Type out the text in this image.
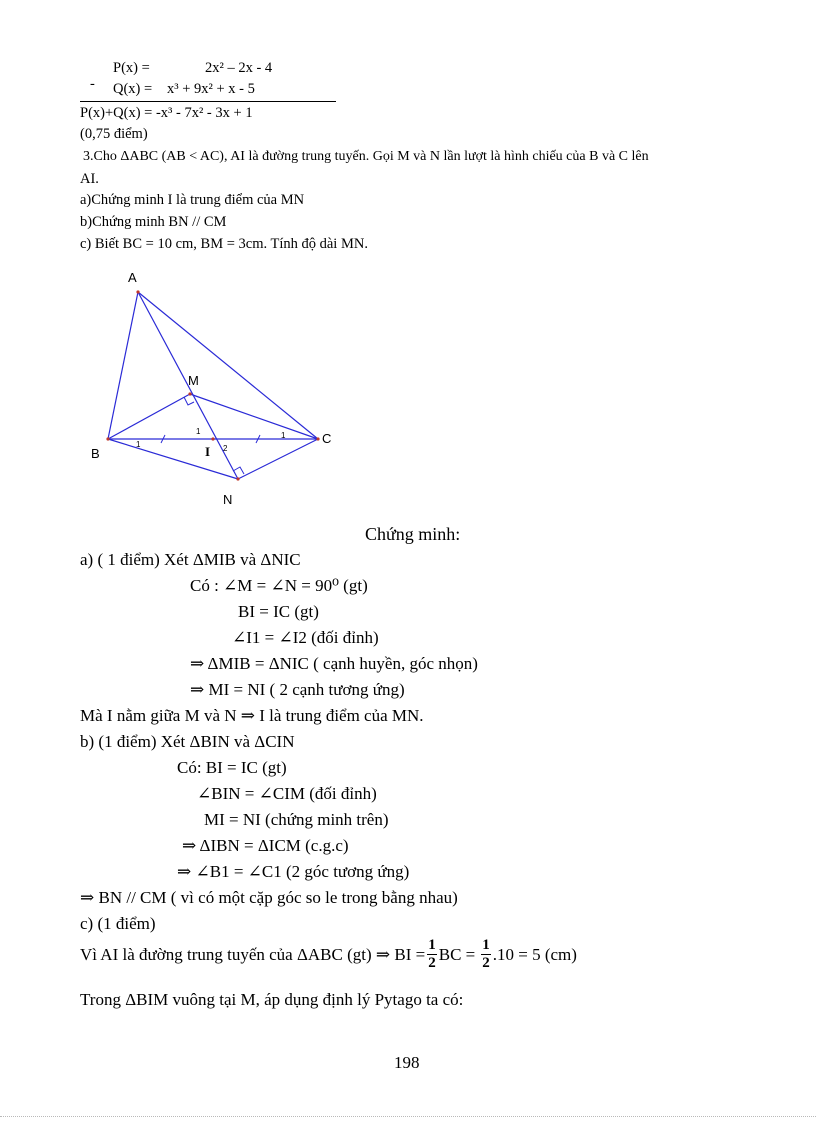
-
P(x) =	2x² – 2x - 4
Q(x) = x³ + 9x² + x - 5
P(x)+Q(x) = -x³ - 7x² - 3x + 1
(0,75 điểm)
3.Cho ΔABC (AB < AC), AI là đường trung tuyến. Gọi M và N lần lượt là hình chiếu của B và C lên
AI.
a)Chứng minh I là trung điểm của MN
b)Chứng minh BN // CM
c) Biết BC = 10 cm, BM = 3cm. Tính độ dài MN.
A
B
C
M
N
I
1
1
2
1
Chứng minh:
a) ( 1 điểm) Xét ΔMIB và ΔNIC
Có : ∠M = ∠N = 90⁰ (gt)
BI = IC (gt)
∠I1 = ∠I2 (đối đỉnh)
⇒ ΔMIB = ΔNIC ( cạnh huyền, góc nhọn)
⇒ MI = NI ( 2 cạnh tương ứng)
Mà I nằm giữa M và N ⇒ I là trung điểm của MN.
b) (1 điểm) Xét ΔBIN và ΔCIN
Có: BI = IC (gt)
∠BIN = ∠CIM (đối đỉnh)
MI = NI (chứng minh trên)
⇒ ΔIBN = ΔICM (c.g.c)
⇒ ∠B1 = ∠C1 (2 góc tương ứng)
⇒ BN // CM ( vì có một cặp góc so le trong bằng nhau)
c) (1 điểm)
Vì AI là đường trung tuyến của ΔABC (gt) ⇒ BI = $\frac{1}{2}$ BC = $\frac{1}{2} .10 = 5$ (cm)
Trong ΔBIM vuông tại M, áp dụng định lý Pytago ta có:
198
